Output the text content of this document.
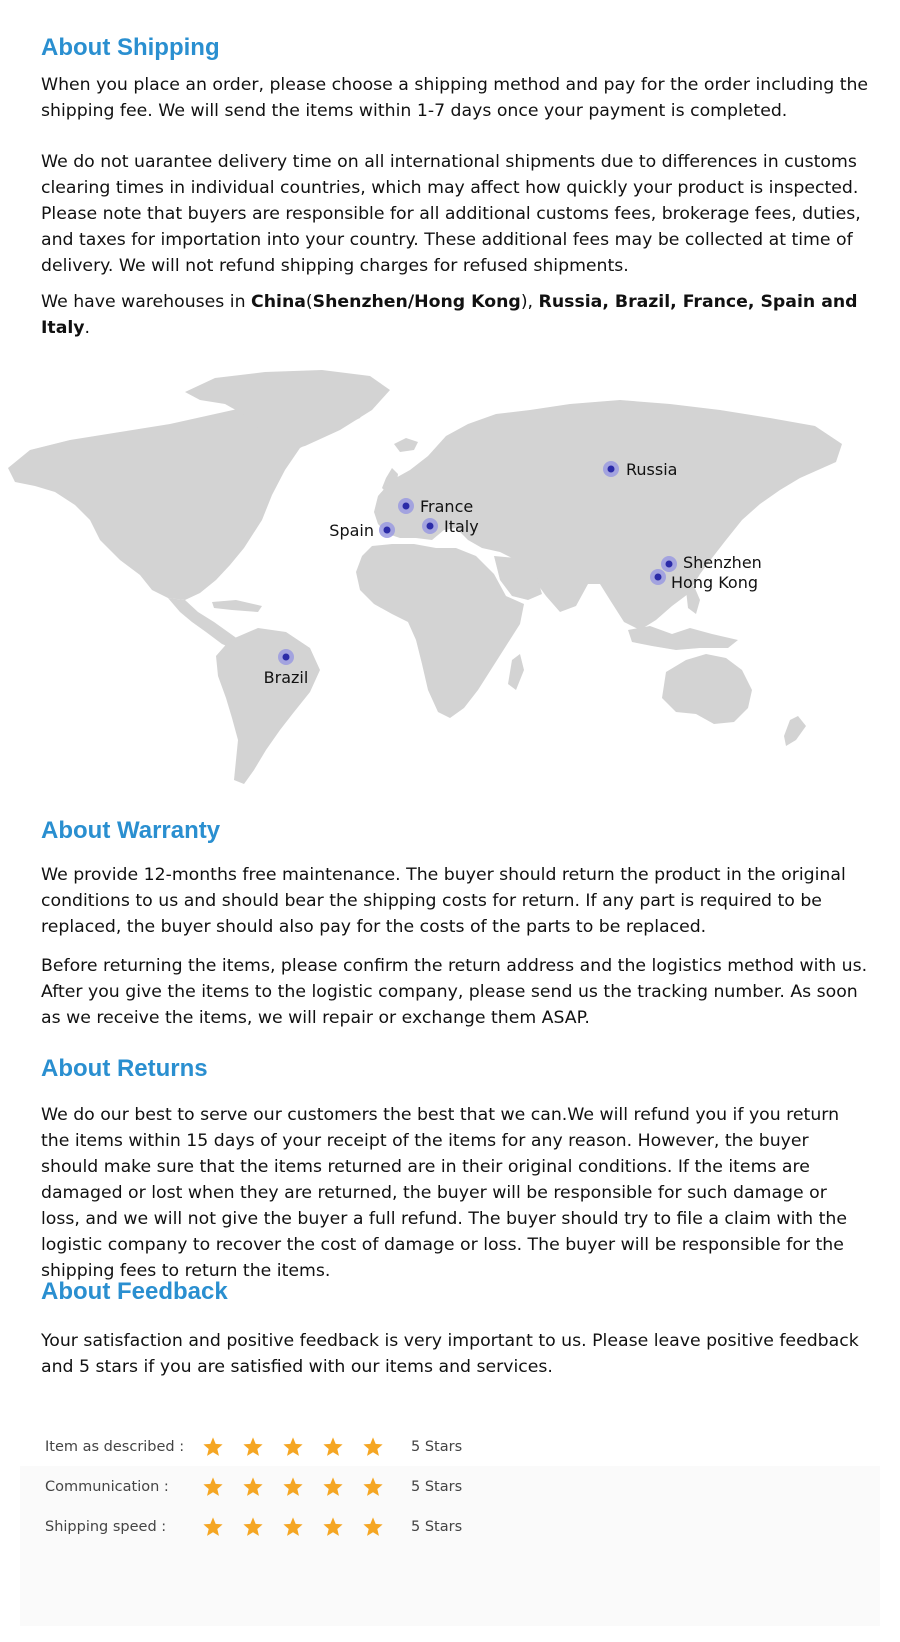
About Shipping

When you place an order, please choose a shipping method and pay for the order including the shipping fee. We will send the items within 1-7 days once your payment is completed.

We do not uarantee delivery time on all international shipments due to differences in customs clearing times in individual countries, which may affect how quickly your product is inspected. Please note that buyers are responsible for all additional customs fees, brokerage fees, duties, and taxes for importation into your country. These additional fees may be collected at time of delivery. We will not refund shipping charges for refused shipments.

We have warehouses in China(Shenzhen/Hong Kong), Russia, Brazil, France, Spain and Italy.

Russia
France
Spain	Italy
Shenzhen
Hong Kong
Brazil
About Warranty

We provide 12-months free maintenance. The buyer should return the product in the original conditions to us and should bear the shipping costs for return. If any part is required to be replaced, the buyer should also pay for the costs of the parts to be replaced.

Before returning the items, please confirm the return address and the logistics method with us. After you give the items to the logistic company, please send us the tracking number. As soon as we receive the items, we will repair or exchange them ASAP.

About Returns

We do our best to serve our customers the best that we can.We will refund you if you return the items within 15 days of your receipt of the items for any reason. However, the buyer should make sure that the items returned are in their original conditions. If the items are damaged or lost when they are returned, the buyer will be responsible for such damage or loss, and we will not give the buyer a full refund. The buyer should try to file a claim with the logistic company to recover the cost of damage or loss. The buyer will be responsible for the shipping fees to return the items.

About Feedback

Your satisfaction and positive feedback is very important to us. Please leave positive feedback and 5 stars if you are satisfied with our items and services.

Item as described :	5 Stars
Communication :	5 Stars
Shipping speed :	5 Stars
